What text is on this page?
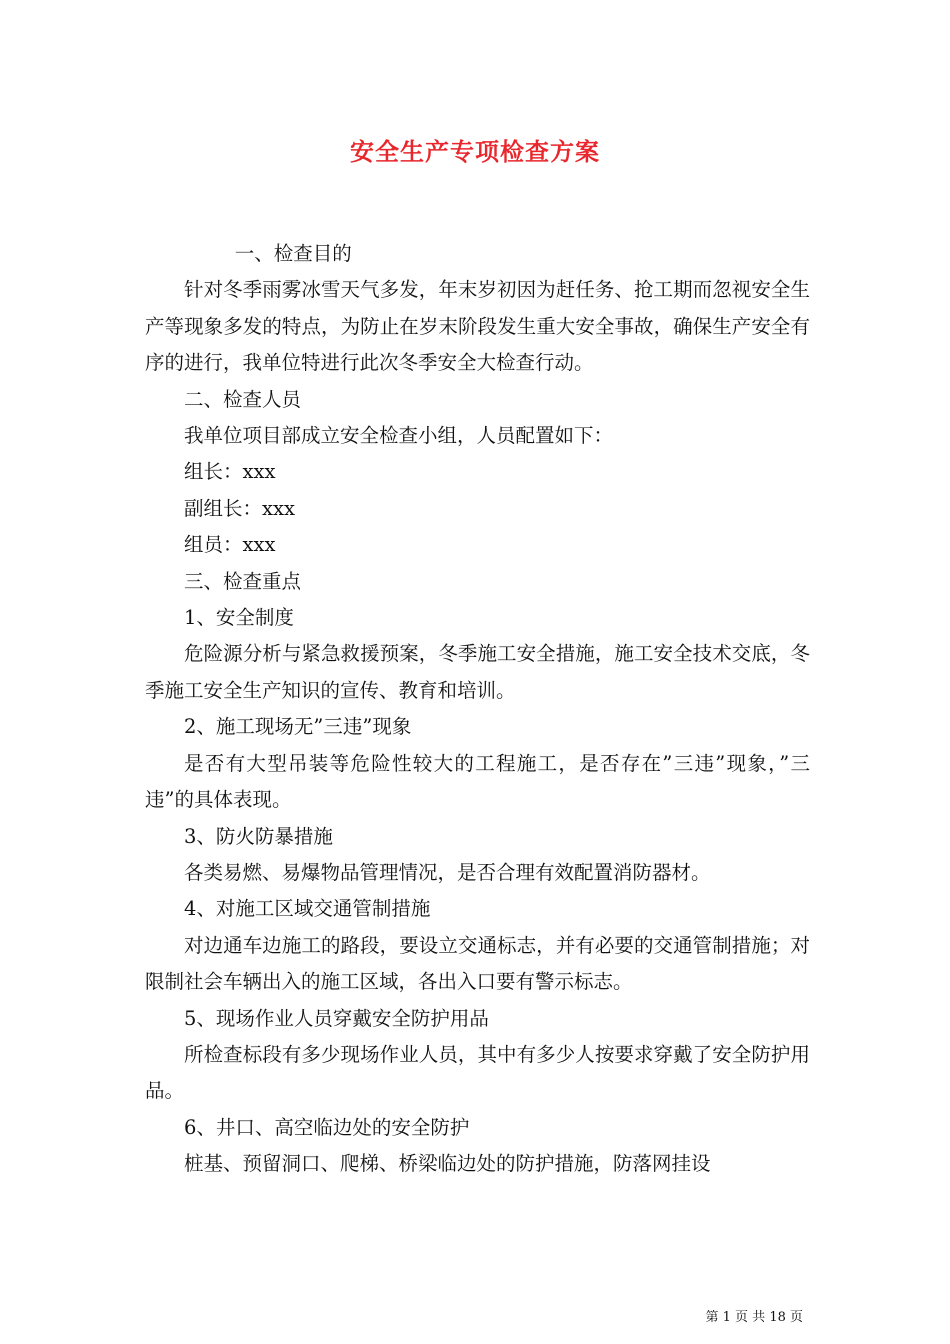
安全生产专项检查方案

一、检查目的

针对冬季雨雾冰雪天气多发，年末岁初因为赶任务、抢工期而忽视安全生产等现象多发的特点，为防止在岁末阶段发生重大安全事故，确保生产安全有序的进行，我单位特进行此次冬季安全大检查行动。

二、检查人员

我单位项目部成立安全检查小组，人员配置如下：

组长：xxx

副组长：xxx

组员：xxx

三、检查重点

1、安全制度

危险源分析与紧急救援预案，冬季施工安全措施，施工安全技术交底，冬季施工安全生产知识的宣传、教育和培训。

2、施工现场无”三违”现象

是否有大型吊装等危险性较大的工程施工，是否存在”三违”现象，”三违”的具体表现。

3、防火防暴措施

各类易燃、易爆物品管理情况，是否合理有效配置消防器材。

4、对施工区域交通管制措施

对边通车边施工的路段，要设立交通标志，并有必要的交通管制措施；对限制社会车辆出入的施工区域，各出入口要有警示标志。

5、现场作业人员穿戴安全防护用品

所检查标段有多少现场作业人员，其中有多少人按要求穿戴了安全防护用品。

6、井口、高空临边处的安全防护

桩基、预留洞口、爬梯、桥梁临边处的防护措施，防落网挂设

第 1 页 共 18 页
